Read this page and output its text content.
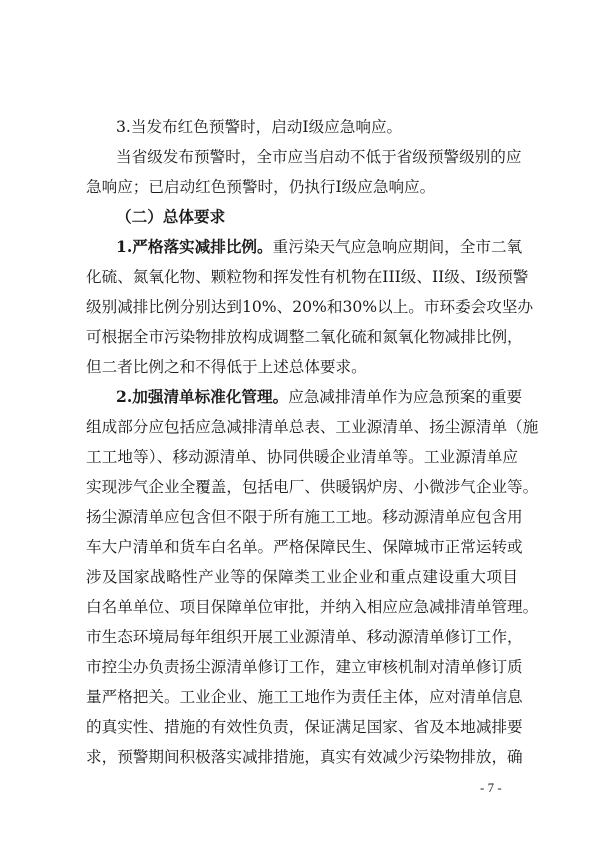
3.当发布红色预警时，启动I级应急响应。
当省级发布预警时，全市应当启动不低于省级预警级别的应
急响应；已启动红色预警时，仍执行I级应急响应。
（二）总体要求
1.严格落实减排比例。重污染天气应急响应期间，全市二氧
化硫、氮氧化物、颗粒物和挥发性有机物在III级、II级、I级预警
级别减排比例分别达到10%、20%和30%以上。市环委会攻坚办
可根据全市污染物排放构成调整二氧化硫和氮氧化物减排比例，
但二者比例之和不得低于上述总体要求。
2.加强清单标准化管理。应急减排清单作为应急预案的重要
组成部分应包括应急减排清单总表、工业源清单、扬尘源清单（施
工工地等）、移动源清单、协同供暖企业清单等。工业源清单应
实现涉气企业全覆盖，包括电厂、供暖锅炉房、小微涉气企业等。
扬尘源清单应包含但不限于所有施工工地。移动源清单应包含用
车大户清单和货车白名单。严格保障民生、保障城市正常运转或
涉及国家战略性产业等的保障类工业企业和重点建设重大项目
白名单单位、项目保障单位审批，并纳入相应应急减排清单管理。
市生态环境局每年组织开展工业源清单、移动源清单修订工作，
市控尘办负责扬尘源清单修订工作，建立审核机制对清单修订质
量严格把关。工业企业、施工工地作为责任主体，应对清单信息
的真实性、措施的有效性负责，保证满足国家、省及本地减排要
求，预警期间积极落实减排措施，真实有效减少污染物排放，确
- 7 -
